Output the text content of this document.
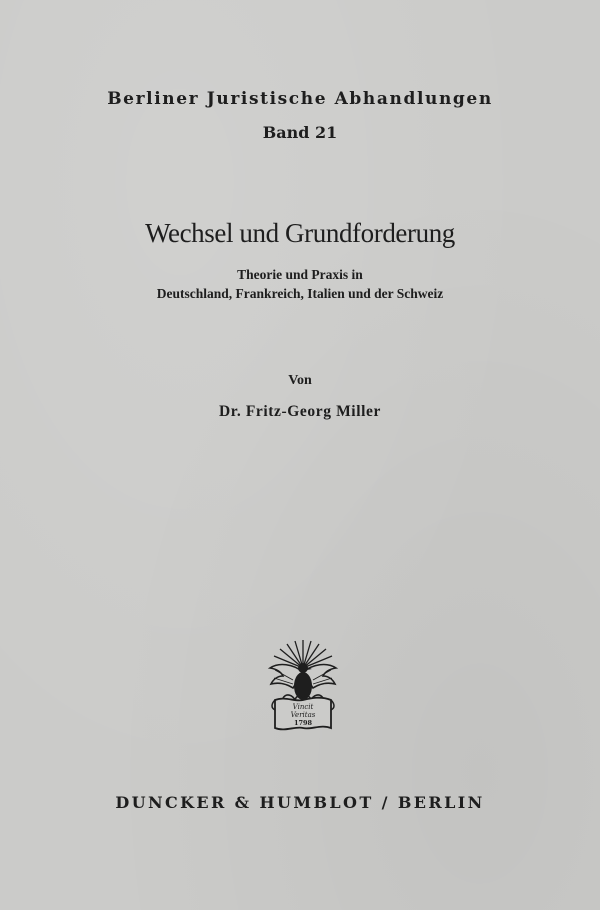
Berliner Juristische Abhandlungen
Band 21
Wechsel und Grundforderung
Theorie und Praxis in
Deutschland, Frankreich, Italien und der Schweiz
Von
Dr. Fritz-Georg Miller
Vincit
Veritas
1798
DUNCKER & HUMBLOT / BERLIN
